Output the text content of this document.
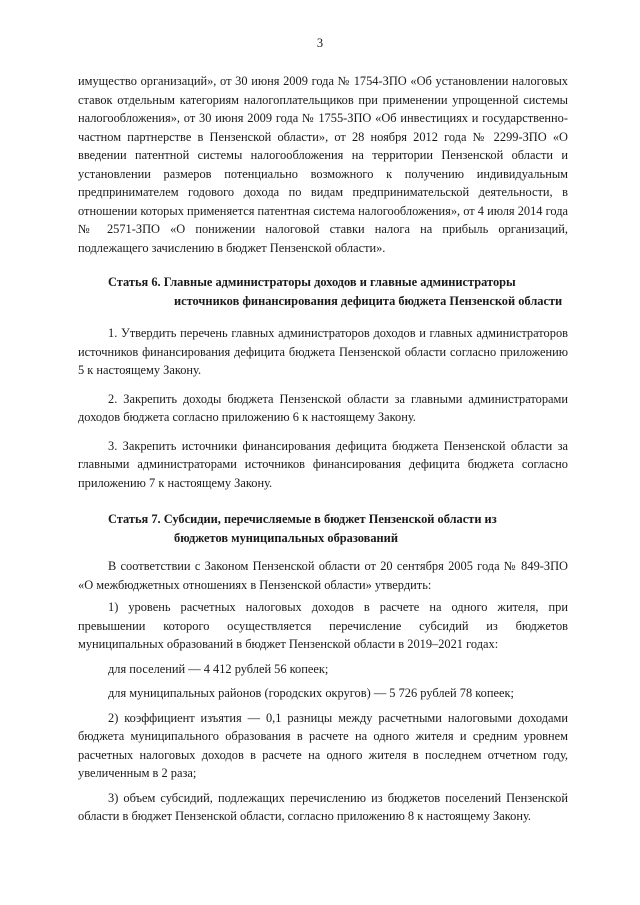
3

имущество организаций», от 30 июня 2009 года № 1754-ЗПО «Об установлении налоговых ставок отдельным категориям налогоплательщиков при применении упрощенной системы налогообложения», от 30 июня 2009 года № 1755-ЗПО «Об инвестициях и государственно-частном партнерстве в Пензенской области», от 28 ноября 2012 года № 2299-ЗПО «О введении патентной системы налогообложения на территории Пензенской области и установлении размеров потенциально возможного к получению индивидуальным предпринимателем годового дохода по видам предпринимательской деятельности, в отношении которых применяется патентная система налогообложения», от 4 июля 2014 года № 2571-ЗПО «О понижении налоговой ставки налога на прибыль организаций, подлежащего зачислению в бюджет Пензенской области».

Статья 6. Главные администраторы доходов и главные администраторы
источников финансирования дефицита бюджета Пензенской области

1. Утвердить перечень главных администраторов доходов и главных администраторов источников финансирования дефицита бюджета Пензенской области согласно приложению 5 к настоящему Закону.

2. Закрепить доходы бюджета Пензенской области за главными администраторами доходов бюджета согласно приложению 6 к настоящему Закону.

3. Закрепить источники финансирования дефицита бюджета Пензенской области за главными администраторами источников финансирования дефицита бюджета согласно приложению 7 к настоящему Закону.

Статья 7. Субсидии, перечисляемые в бюджет Пензенской области из
бюджетов муниципальных образований

В соответствии с Законом Пензенской области от 20 сентября 2005 года № 849-ЗПО «О межбюджетных отношениях в Пензенской области» утвердить:

1) уровень расчетных налоговых доходов в расчете на одного жителя, при превышении которого осуществляется перечисление субсидий из бюджетов муниципальных образований в бюджет Пензенской области в 2019–2021 годах:

для поселений — 4 412 рублей 56 копеек;

для муниципальных районов (городских округов) — 5 726 рублей 78 копеек;

2) коэффициент изъятия — 0,1 разницы между расчетными налоговыми доходами бюджета муниципального образования в расчете на одного жителя и средним уровнем расчетных налоговых доходов в расчете на одного жителя в последнем отчетном году, увеличенным в 2 раза;

3) объем субсидий, подлежащих перечислению из бюджетов поселений Пензенской области в бюджет Пензенской области, согласно приложению 8 к настоящему Закону.
